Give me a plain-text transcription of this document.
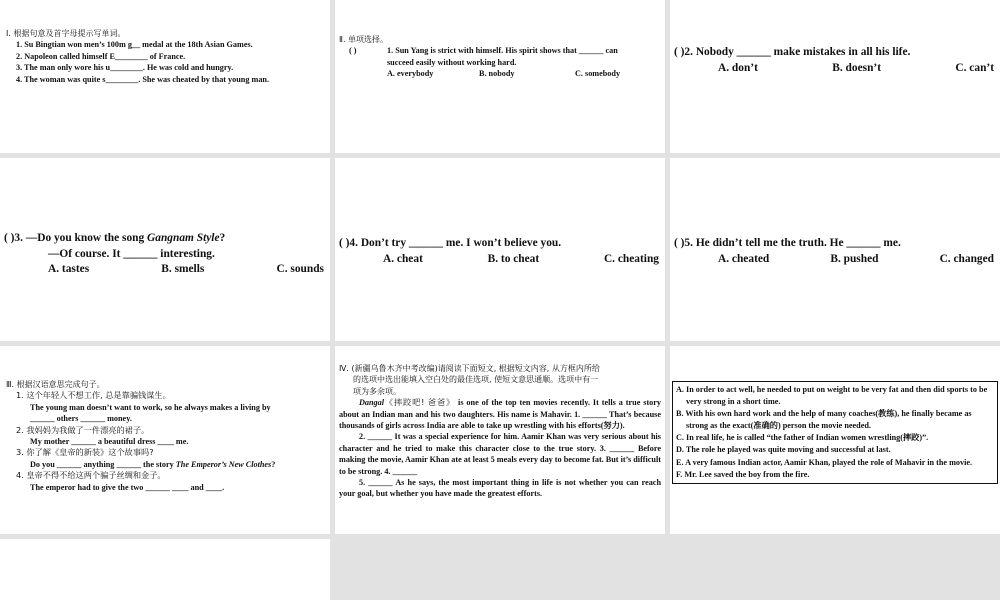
Ⅰ. 根据句意及首字母提示写单词。
1. Su Bingtian won men’s 100m g__ medal at the 18th Asian Games.
2. Napoleon called himself E________ of France.
3. The man only wore his u________. He was cold and hungry.
4. The woman was quite s________. She was cheated by that young man.
Ⅱ. 单项选择。
( )	1. Sun Yang is strict with himself. His spirit shows that ______ can
succeed easily without working hard.
A. everybody	B. nobody	C. somebody
( )2. Nobody ______ make mistakes in all his life.
A. don’t	B. doesn’t	C. can’t
( )3. —Do you know the song Gangnam Style?
—Of course. It ______ interesting.
A. tastes	B. smells	C. sounds
( )4. Don’t try ______ me. I won’t believe you.
A. cheat	B. to cheat	C. cheating
( )5. He didn’t tell me the truth. He ______ me.
A. cheated	B. pushed	C. changed
Ⅲ. 根据汉语意思完成句子。
1. 这个年轻人不想工作, 总是靠骗钱谋生。
The young man doesn’t want to work, so he always makes a living by
______ others ______ money.
2. 我妈妈为我做了一件漂亮的裙子。
My mother ______ a beautiful dress ____ me.
3. 你了解《皇帝的新装》这个故事吗?
Do you ______ anything ______ the story The Emperor’s New Clothes?
4. 皇帝不得不给这两个骗子丝绸和金子。
The emperor had to give the two ______ ____ and ____.
Ⅳ. (新疆乌鲁木齐中考改编)请阅读下面短文, 根据短文内容, 从方框内所给
的选项中选出能填入空白处的最佳选项, 使短文意思通顺。选项中有一
项为多余项。
Dangal《摔跤吧! 爸爸》 is one of the top ten movies recently. It tells a true story about an Indian man and his two daughters. His name is Mahavir. 1. ______ That’s because thousands of girls across India are able to take up wrestling with his efforts(努力).
2. ______ It was a special experience for him. Aamir Khan was very serious about his character and he tried to make this character close to the true story. 3. ______ Before making the movie, Aamir Khan ate at least 5 meals every day to become fat. But it’s difficult to be strong. 4. ______
5. ______ As he says, the most important thing in life is not whether you can reach your goal, but whether you have made the greatest efforts.
A. In order to act well, he needed to put on weight to be very fat and then did sports to be very strong in a short time.
B. With his own hard work and the help of many coaches(教练), he finally became as strong as the exact(准确的) person the movie needed.
C. In real life, he is called “the father of Indian women wrestling(摔跤)”.
D. The role he played was quite moving and successful at last.
E. A very famous Indian actor, Aamir Khan, played the role of Mahavir in the movie.
F. Mr. Lee saved the boy from the fire.
